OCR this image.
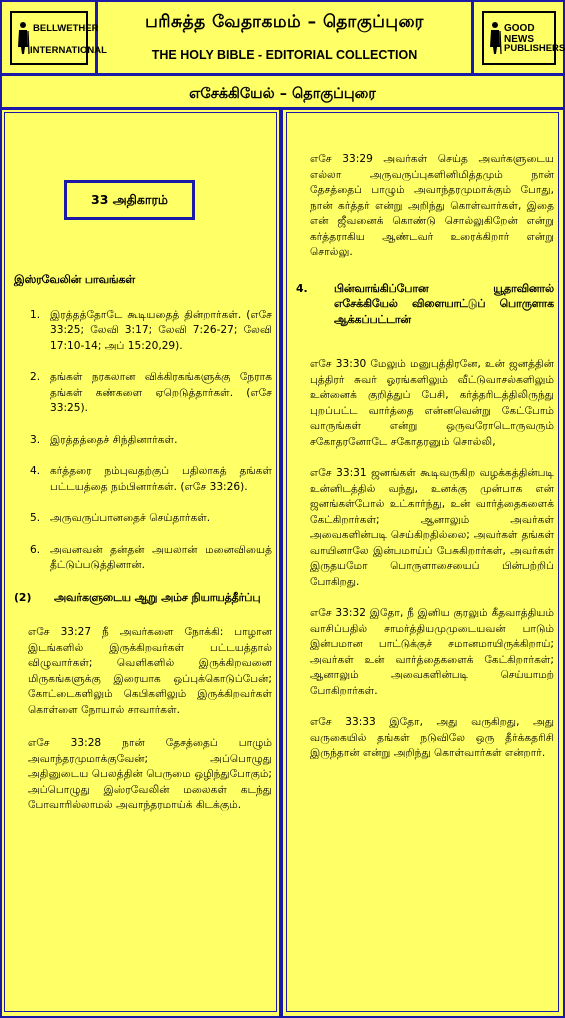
BELLWETHER
INTERNATIONAL
பரிசுத்த வேதாகமம் – தொகுப்புரை
THE HOLY BIBLE - EDITORIAL COLLECTION
GOOD NEWS
PUBLISHERS
எசேக்கியேல் – தொகுப்புரை
33 அதிகாரம்
இஸ்ரவேலின் பாவங்கள்
1. இரத்தத்தோடே கூடியதைத் தின்றார்கள். (எசே 33:25; லேவி 3:17; லேவி 7:26-27; லேவி 17:10-14; அப் 15:20,29).
2. தங்கள் நரகலான விக்கிரகங்களுக்கு நேராக தங்கள் கண்களை ஏறெடுத்தார்கள். (எசே 33:25).
3. இரத்தத்தைச் சிந்தினார்கள்.
4. கர்த்தரை நம்புவதற்குப் பதிலாகத் தங்கள் பட்டயத்தை நம்பினார்கள். (எசே 33:26).
5. அருவருப்பானதைச் செய்தார்கள்.
6. அவனவன் தன்தன் அயலான் மனைவியைத் தீட்டுப்படுத்தினான்.
(2) அவர்களுடைய ஆறு அம்ச நியாயத்தீர்ப்பு

எசே 33:27 நீ அவர்களை நோக்கி: பாழான இடங்களில் இருக்கிறவர்கள் பட்டயத்தால் விழுவார்கள்; வெளிகளில் இருக்கிறவனை மிருகங்களுக்கு இரையாக ஒப்புக்கொடுப்பேன்; கோட்டைகளிலும் கெபிகளிலும் இருக்கிறவர்கள் கொள்ளை நோயால் சாவார்கள்.

எசே 33:28 நான் தேசத்தைப் பாழும் அவாந்தரமுமாக்குவேன்; அப்பொழுது அதினுடைய பெலத்தின் பெருமை ஒழிந்துபோகும்; அப்பொழுது இஸ்ரவேலின் மலைகள் கடந்து போவாரில்லாமல் அவாந்தரமாய்க் கிடக்கும்.

எசே 33:29 அவர்கள் செய்த அவர்களுடைய எல்லா அருவருப்புகளினிமித்தமும் நான் தேசத்தைப் பாழும் அவாந்தரமுமாக்கும் போது, நான் கர்த்தர் என்று அறிந்து கொள்வார்கள், இதை என் ஜீவனைக் கொண்டு சொல்லுகிறேன் என்று கர்த்தராகிய ஆண்டவர் உரைக்கிறார் என்று சொல்லு.

4. பின்வாங்கிப்போன யூதாவினால் எசேக்கியேல் விளையாட்டுப் பொருளாக ஆக்கப்பட்டான்

எசே 33:30 மேலும் மனுபுத்திரனே, உன் ஜனத்தின் புத்திரர் சுவர் ஓரங்களிலும் வீட்டுவாசல்களிலும் உன்னைக் குறித்துப் பேசி, கர்த்தரிடத்திலிருந்து புறப்பட்ட வார்த்தை என்னவென்று கேட்போம் வாருங்கள் என்று ஒருவரோடொருவரும் சகோதரனோடே சகோதரனும் சொல்லி,

எசே 33:31 ஜனங்கள் கூடிவருகிற வழக்கத்தின்படி உன்னிடத்தில் வந்து, உனக்கு முன்பாக என் ஜனங்கள்போல் உட்கார்ந்து, உன் வார்த்தைகளைக் கேட்கிறார்கள்; ஆனாலும் அவர்கள் அவைகளின்படி செய்கிறதில்லை; அவர்கள் தங்கள் வாயினாலே இன்பமாய்ப் பேசுகிறார்கள், அவர்கள் இருதயமோ பொருளாசையைப் பின்பற்றிப் போகிறது.

எசே 33:32 இதோ, நீ இனிய குரலும் கீதவாத்தியம் வாசிப்பதில் சாமர்த்தியமுமுடையவன் பாடும் இன்பமான பாட்டுக்குச் சமானமாயிருக்கிறாய்; அவர்கள் உன் வார்த்தைகளைக் கேட்கிறார்கள்; ஆனாலும் அவைகளின்படி செய்யாமற் போகிறார்கள்.

எசே 33:33 இதோ, அது வருகிறது, அது வருகையில் தங்கள் நடுவிலே ஒரு தீர்க்கதரிசி இருந்தான் என்று அறிந்து கொள்வார்கள் என்றார்.
